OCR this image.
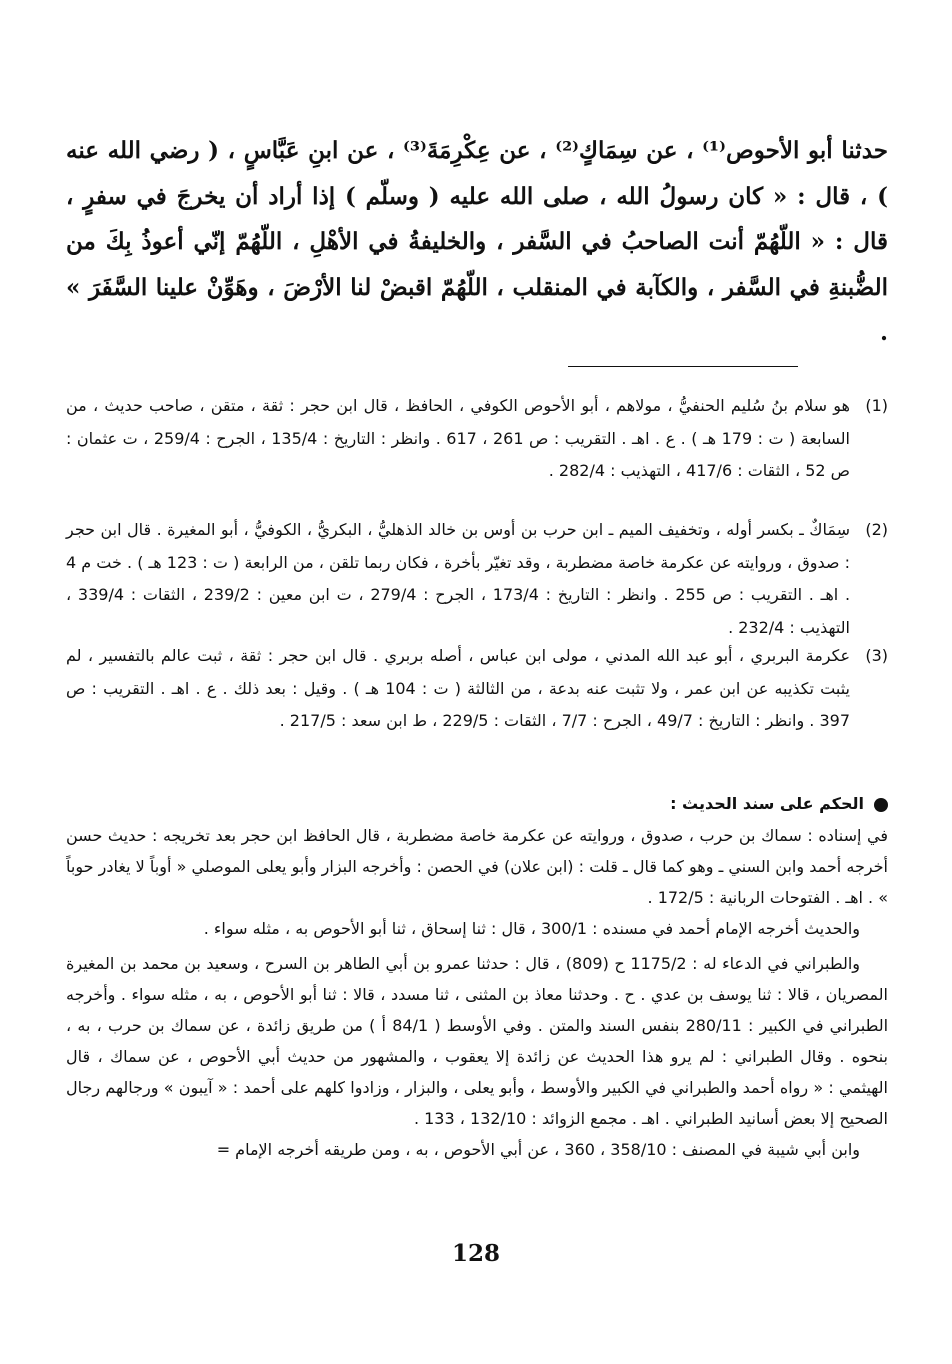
حدثنا أبو الأحوص⁽¹⁾ ، عن سِمَاكٍ⁽²⁾ ، عن عِكْرِمَةَ⁽³⁾ ، عن ابنِ عَبَّاسٍ ، ( رضي الله عنه ) ، قال : « كان رسولُ الله ، صلى الله عليه ( وسلّم ) إذا أراد أن يخرجَ في سفرٍ ، قال : « اللّهُمّ أنت الصاحبُ في السَّفر ، والخليفةُ في الأهْلِ ، اللّهُمّ إنّي أعوذُ بِكَ من الضُّبنةِ في السَّفر ، والكآبة في المنقلب ، اللّهُمّ اقبضْ لنا الأرْضَ ، وهَوِّنْ علينا السَّفَرَ » .

(1)
هو سلام بنُ سُليم الحنفيُّ ، مولاهم ، أبو الأحوص الكوفي ، الحافظ ، قال ابن حجر : ثقة ، متقن ، صاحب حديث ، من السابعة ( ت : 179 هـ ) . ع . اهـ . التقريب : ص 261 ، 617 . وانظر : التاريخ : 135/4 ، الجرح : 259/4 ، ت عثمان : ص 52 ، الثقات : 417/6 ، التهذيب : 282/4 .
(2)
سِمَاكٌ ـ بكسر أوله ، وتخفيف الميم ـ ابن حرب بن أوس بن خالد الذهليُّ ، البكريُّ ، الكوفيُّ ، أبو المغيرة . قال ابن حجر : صدوق ، وروايته عن عكرمة خاصة مضطربة ، وقد تغيّر بأخرة ، فكان ربما تلقن ، من الرابعة ( ت : 123 هـ ) . خت م 4 . اهـ . التقريب : ص 255 . وانظر : التاريخ : 173/4 ، الجرح : 279/4 ، ت ابن معين : 239/2 ، الثقات : 339/4 ، التهذيب : 232/4 .
(3)
عكرمة البربري ، أبو عبد الله المدني ، مولى ابن عباس ، أصله بربري . قال ابن حجر : ثقة ، ثبت عالم بالتفسير ، لم يثبت تكذيبه عن ابن عمر ، ولا تثبت عنه بدعة ، من الثالثة ( ت : 104 هـ ) . وقيل : بعد ذلك . ع . اهـ . التقريب : ص 397 . وانظر : التاريخ : 49/7 ، الجرح : 7/7 ، الثقات : 229/5 ، ط ابن سعد : 217/5 .
الحكم على سند الحديث :

في إسناده : سماك بن حرب ، صدوق ، وروايته عن عكرمة خاصة مضطربة ، قال الحافظ ابن حجر بعد تخريجه : حديث حسن أخرجه أحمد وابن السني ـ وهو كما قال ـ قلت : (ابن علان) في الحصن : وأخرجه البزار وأبو يعلى الموصلي « أوباً لا يغادر حوباً » . اهـ . الفتوحات الربانية : 172/5 .

والحديث أخرجه الإمام أحمد في مسنده : 300/1 ، قال : ثنا إسحاق ، ثنا أبو الأحوص به ، مثله سواء .

والطبراني في الدعاء له : 1175/2 ح (809) ، قال : حدثنا عمرو بن أبي الطاهر بن السرح ، وسعيد بن محمد بن المغيرة المصريان ، قالا : ثنا يوسف بن عدي . ح . وحدثنا معاذ بن المثنى ، ثنا مسدد ، قالا : ثنا أبو الأحوص ، به ، مثله سواء . وأخرجه الطبراني في الكبير : 280/11 بنفس السند والمتن . وفي الأوسط ( 84/1 أ ) من طريق زائدة ، عن سماك بن حرب ، به ، بنحوه . وقال الطبراني : لم يرو هذا الحديث عن زائدة إلا يعقوب ، والمشهور من حديث أبي الأحوص ، عن سماك ، قال الهيثمي : « رواه أحمد والطبراني في الكبير والأوسط ، وأبو يعلى ، والبزار ، وزادوا كلهم على أحمد : « آيبون » ورجالهم رجال الصحيح إلا بعض أسانيد الطبراني . اهـ . مجمع الزوائد : 132/10 ، 133 .

وابن أبي شيبة في المصنف : 358/10 ، 360 ، عن أبي الأحوص ، به ، ومن طريقه أخرجه الإمام =

128
